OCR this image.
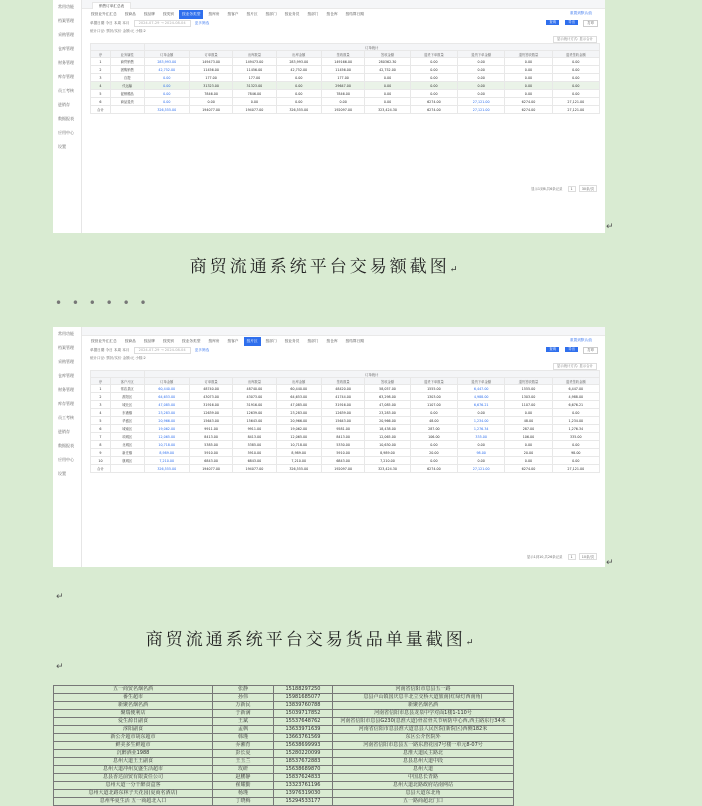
常用功能
档案管理
采购管理
仓库管理
财务管理
库存管理
员工考核
进销存
数据报表
应用中心
设置
销售订单汇总表
按营业外汇汇总 按商品 按品牌 按类别 按业务类型 按库房 按客户 按片区 按部门 按业务员 按部门 按仓库 按结算日期	重置到默认值
单据日期 今日 本周 本月	2024-07-29 → 2024-08-04	更多筛选	查询	导出	打印
统计口径: 票折/实价 金额:元 小数:2
显示统计方式: 显示合计
		订单统计									
序	业务属性	订单金额	订单数量	出库数量	出库金额	签收数量	签收金额	退货下单数量	退货下单金额	退货签收数量	退货签收金额
1	商贸销售	283,993.00	149473.00	149473.00	283,993.00	149166.00	280362.30	0.00	0.00	0.00	0.00
2	团购销售	42,752.00	11456.00	11456.00	42,752.00	11456.00	42,752.00	0.00	0.00	0.00	0.00
3	自提	0.00	177.00	177.00	0.00	177.00	0.00	0.00	0.00	0.00	0.00
4	代运输	0.00	31323.00	31323.00	0.00	29647.00	0.00	0.00	0.00	0.00	0.00
5	促销赠品	0.00	7846.00	7846.00	0.00	7846.00	0.00	0.00	0.00	0.00	0.00
6	商品退货	0.00	0.00	0.00	0.00	0.00	0.00	6274.00	27,121.00	6274.00	27,121.00
合计		326,555.00	194077.00	194077.00	326,555.00	192097.00	323,424.30	6274.00	27,121.00	6274.00	27,121.00
显示1到6,共6条记录 1	30条/页
↵
商贸流通系统平台交易额截图↵
• • • • • •
常用功能
档案管理
采购管理
仓库管理
财务管理
库存管理
员工考核
进销存
数据报表
应用中心
设置
按营业外汇汇总 按商品 按品牌 按类别 按业务类型 按库房 按客户 按片区 按部门 按业务员 按部门 按仓库 按结算日期	重置到默认值
单据日期 今日 本周 本月	2024-07-29 → 2024-08-04	更多筛选	查询	导出	打印
统计口径: 票折/实价 金额:元 小数:2
显示统计方式: 显示合计
		订单统计									
序	客户片区	订单金额	订单数量	出库数量	出库金额	签收数量	签收金额	退货下单数量	退货下单金额	退货签收数量	退货签收金额
1	常店县区	60,440.00	48740.00	48740.00	60,440.00	48420.00	58,057.00	1555.00	6,447.00	1555.00	6,447.00
2	淮阳区	64,653.00	43073.00	43073.00	64,653.00	41744.00	63,298.00	1303.00	4,988.00	1303.00	4,988.00
3	城北区	47,085.00	31916.00	31916.00	47,085.00	31916.00	47,085.00	1107.00	6,676.21	1107.00	6,676.21
4	东港镇	23,283.00	12639.00	12639.00	23,283.00	12639.00	23,283.00	0.00	0.00	0.00	0.00
5	华盛区	20,966.00	15643.00	15643.00	20,966.00	15643.00	20,966.00	48.00	1,234.00	48.00	1,234.00
6	城南区	19,062.00	9911.00	9911.00	19,062.00	9581.00	18,438.00	287.00	1,276.34	287.00	1,276.34
7	项城区	12,065.00	8413.00	8413.00	12,065.00	8413.00	12,065.00	106.00	335.00	106.00	335.00
8	北城区	10,718.00	5385.00	5385.00	10,718.00	5330.00	10,630.00	0.00	0.00	0.00	0.00
9	新庄镇	8,989.00	5910.00	5910.00	8,989.00	5910.00	8,989.00	20.00	98.00	20.00	98.00
10	康城区	7,210.00	6843.00	6843.00	7,210.00	6843.00	7,210.00	0.00	0.00	0.00	0.00
合计		326,555.00	194077.00	194077.00	326,555.00	192097.00	323,424.30	6274.00	27,121.00	6274.00	27,121.00
显示1到10,共26条记录 1	10条/页
↵
↵
商贸流通系统平台交易货品单量截图↵
↵
五一商贸名烟名酒	张静	15188297250	河南省信阳市息县五一路
番生超市	孙伟	15981685077	息县卢山镇国庆息丰北立交桥大道旅南(红绿灯西南角)
新聚名烟名酒	万新民	13839760788	新聚名烟名酒
聚瑞便利店	于新满	15039717852	河南省信阳市息县龙泉中学对面1楼1-110号
爱生源日副食	王斌	15537648762	河南省信阳市息县G230(息淮大道)骨盆骨关节病防中心西,西主路东行34米
淳阳副食	孟枫	13633971639	河南省信阳市息县淮大道息县人民医院(新院区)西侧182米
新公介超市胡东超市	韩瑾	13663761569	东区公介医院外
鲜美多生鲜超市	乔湘育	15638699993	河南省信阳市息县五一路东唐花园7号楼一单元8-07号
沉醉酒业1988	彭长夏	15280220099	息淮大道民主路北
息州大道王王副食	王玉兰	18537672883	息县息州大道中段
息州大道冲州友盛生活超市	玫研	15638689870	息州大道
息县香达前贸有限责任公司	赵鹏静	15837624833	中国息长青路
息州大道一分干醉食盒客	翟耀勤	13323761196	息州大道北路政府站南网站
息州大道北路东林子天花园(夏商名酒店)	杨瑾	13976319030	息县大道东北角
息州华夏生活 五一商超北入口	丁晓梅	15294533177	五一路商超北门口
